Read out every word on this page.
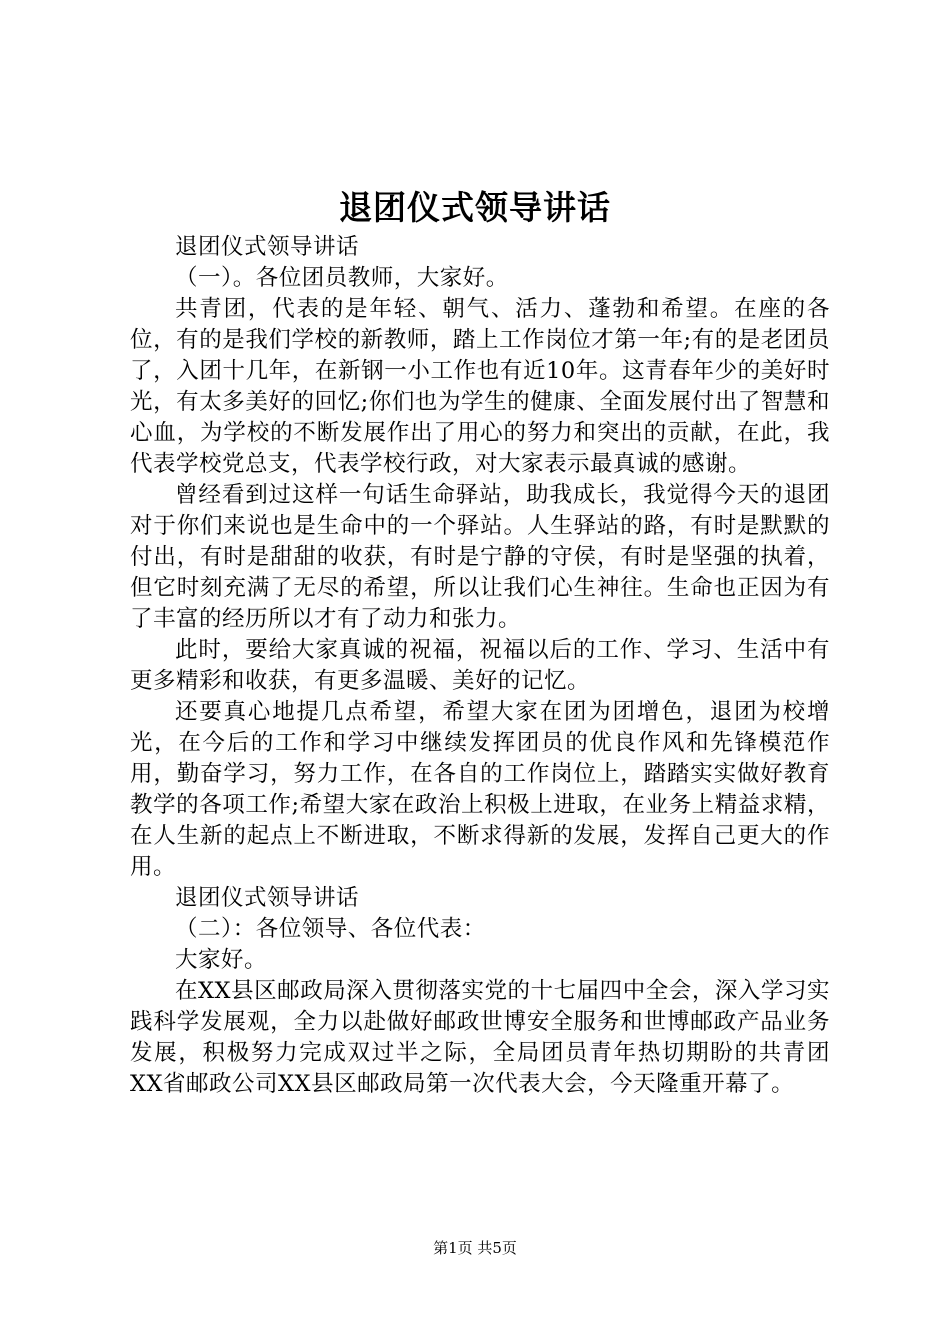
退团仪式领导讲话

退团仪式领导讲话

（一）。各位团员教师，大家好。

共青团，代表的是年轻、朝气、活力、蓬勃和希望。在座的各位，有的是我们学校的新教师，踏上工作岗位才第一年;有的是老团员了，入团十几年，在新钢一小工作也有近10年。这青春年少的美好时光，有太多美好的回忆;你们也为学生的健康、全面发展付出了智慧和心血，为学校的不断发展作出了用心的努力和突出的贡献，在此，我代表学校党总支，代表学校行政，对大家表示最真诚的感谢。

曾经看到过这样一句话生命驿站，助我成长，我觉得今天的退团对于你们来说也是生命中的一个驿站。人生驿站的路，有时是默默的付出，有时是甜甜的收获，有时是宁静的守侯，有时是坚强的执着，但它时刻充满了无尽的希望，所以让我们心生神往。生命也正因为有了丰富的经历所以才有了动力和张力。

此时，要给大家真诚的祝福，祝福以后的工作、学习、生活中有更多精彩和收获，有更多温暖、美好的记忆。

还要真心地提几点希望，希望大家在团为团增色，退团为校增光，在今后的工作和学习中继续发挥团员的优良作风和先锋模范作用，勤奋学习，努力工作，在各自的工作岗位上，踏踏实实做好教育教学的各项工作;希望大家在政治上积极上进取，在业务上精益求精，在人生新的起点上不断进取，不断求得新的发展，发挥自己更大的作用。

退团仪式领导讲话

（二）：各位领导、各位代表：

大家好。

在XX县区邮政局深入贯彻落实党的十七届四中全会，深入学习实践科学发展观，全力以赴做好邮政世博安全服务和世博邮政产品业务发展，积极努力完成双过半之际，全局团员青年热切期盼的共青团XX省邮政公司XX县区邮政局第一次代表大会，今天隆重开幕了。

第1页 共5页
